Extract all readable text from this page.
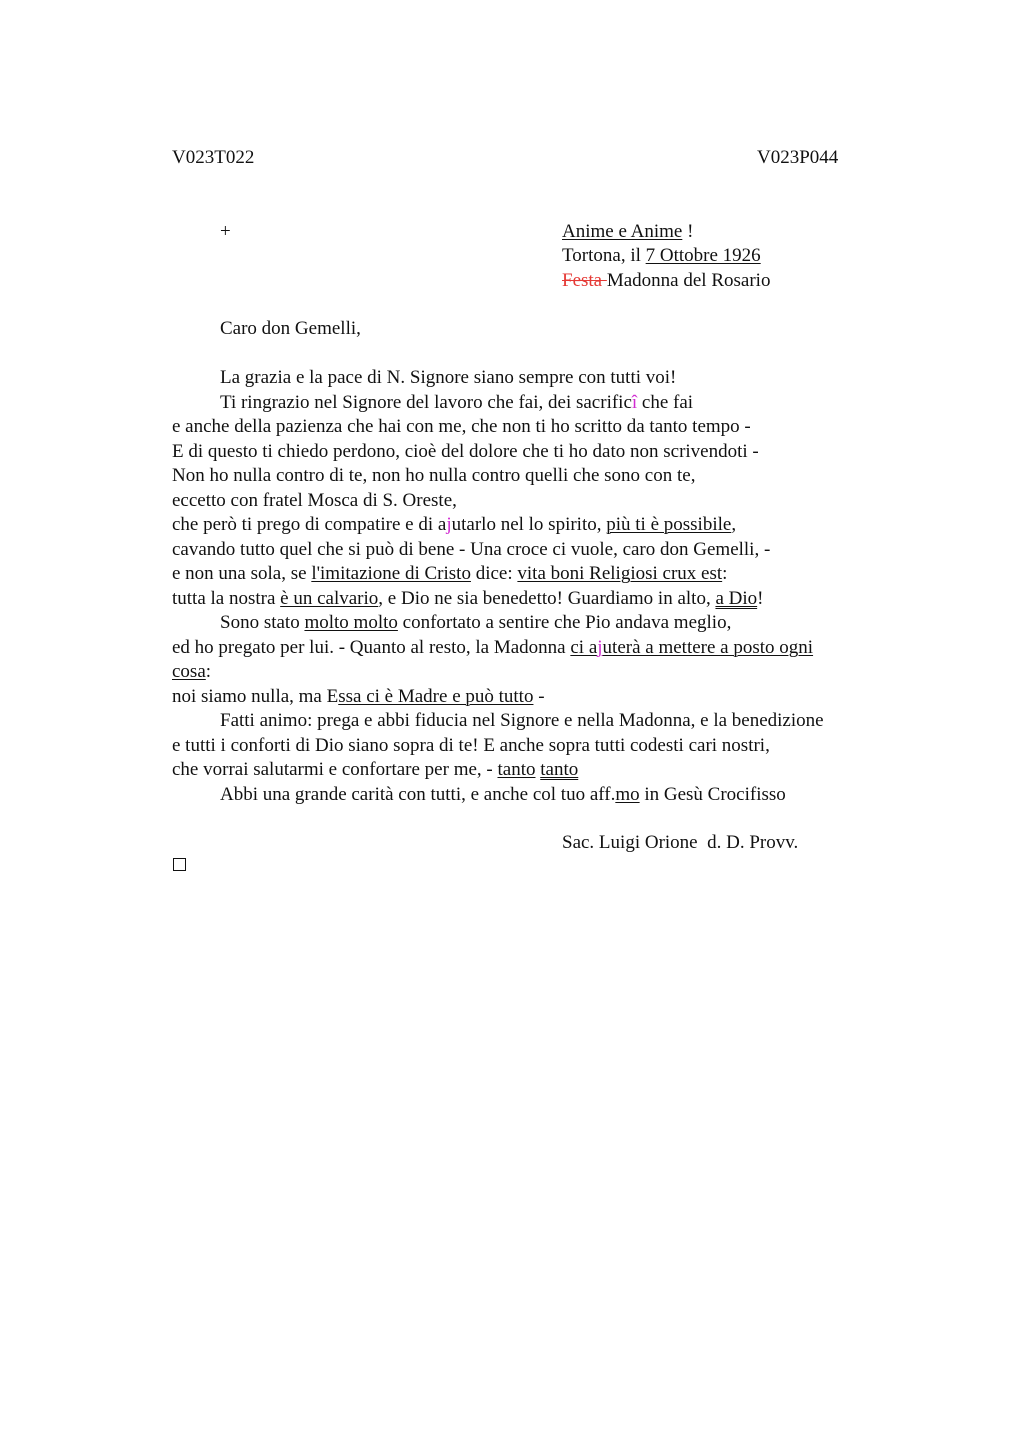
V023T022	V023P044
+	Anime e Anime !
Tortona, il 7 Ottobre 1926
Festa Madonna del Rosario
Caro don Gemelli,
La grazia e la pace di N. Signore siano sempre con tutti voi!
Ti ringrazio nel Signore del lavoro che fai, dei sacrificî che fai
e anche della pazienza che hai con me, che non ti ho scritto da tanto tempo -
E di questo ti chiedo perdono, cioè del dolore che ti ho dato non scrivendoti -
Non ho nulla contro di te, non ho nulla contro quelli che sono con te,
eccetto con fratel Mosca di S. Oreste,
che però ti prego di compatire e di ajutarlo nel lo spirito, più ti è possibile,
cavando tutto quel che si può di bene - Una croce ci vuole, caro don Gemelli, -
e non una sola, se l'imitazione di Cristo dice: vita boni Religiosi crux est:
tutta la nostra è un calvario, e Dio ne sia benedetto! Guardiamo in alto, a Dio!
Sono stato molto molto confortato a sentire che Pio andava meglio,
ed ho pregato per lui. - Quanto al resto, la Madonna ci ajuterà a mettere a posto ogni
cosa:
noi siamo nulla, ma Essa ci è Madre e può tutto -
Fatti animo: prega e abbi fiducia nel Signore e nella Madonna, e la benedizione
e tutti i conforti di Dio siano sopra di te! E anche sopra tutti codesti cari nostri,
che vorrai salutarmi e confortare per me, - tanto tanto
Abbi una grande carità con tutti, e anche col tuo aff.mo in Gesù Crocifisso
Sac. Luigi Orione  d. D. Provv.
